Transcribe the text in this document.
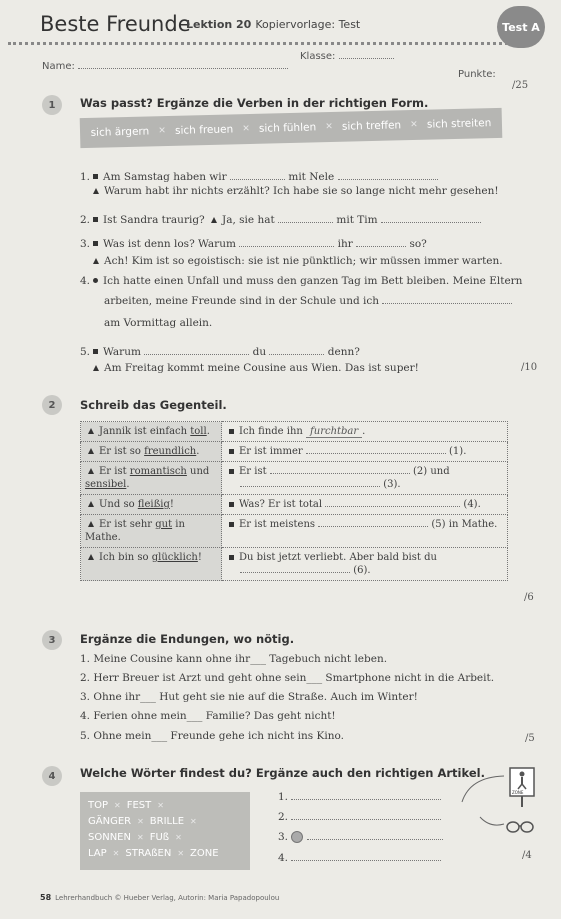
Beste Freunde
Lektion 20 Kopiervorlage: Test	Test A
Name:
Klasse:
Punkte:
/25
1	Was passt? Ergänze die Verben in der richtigen Form.
sich ärgern ✕ sich freuen ✕ sich fühlen ✕ sich treffen ✕ sich streiten
1. Am Samstag haben wir	mit Nele
Warum habt ihr nichts erzählt? Ich habe sie so lange nicht mehr gesehen!
2. Ist Sandra traurig? Ja, sie hat	mit Tim
3. Was ist denn los? Warum	ihr	so?
Ach! Kim ist so egoistisch: sie ist nie pünktlich; wir müssen immer warten.
4. Ich hatte einen Unfall und muss den ganzen Tag im Bett bleiben. Meine Eltern
arbeiten, meine Freunde sind in der Schule und ich
am Vormittag allein.
5. Warum	du	denn?
Am Freitag kommt meine Cousine aus Wien. Das ist super!	/10
2	Schreib das Gegenteil.
Jannik ist einfach toll.	Ich finde ihn furchtbar .
Er ist so freundlich.	Er ist immer (1).
Er ist romantisch und
sensibel.	Er ist (2) und
(3).
Und so fleißig!	Was? Er ist total (4).
Er ist sehr gut in Mathe.	Er ist meistens (5) in Mathe.
Ich bin so glücklich!	Du bist jetzt verliebt. Aber bald bist du
(6).
/6
3	Ergänze die Endungen, wo nötig.
1. Meine Cousine kann ohne ihr___ Tagebuch nicht leben.
2. Herr Breuer ist Arzt und geht ohne sein___ Smartphone nicht in die Arbeit.
3. Ohne ihr___ Hut geht sie nie auf die Straße. Auch im Winter!
4. Ferien ohne mein___ Familie? Das geht nicht!
5. Ohne mein___ Freunde gehe ich nicht ins Kino.	/5
4	Welche Wörter findest du? Ergänze auch den richtigen Artikel.
TOP ✕ FEST ✕
GÄNGER ✕ BRILLE ✕
SONNEN ✕ FUß ✕
LAP ✕ STRAßEN ✕ ZONE
1.
2.
3.
4.	/4
ZONE
58 Lehrerhandbuch © Hueber Verlag, Autorin: Maria Papadopoulou
